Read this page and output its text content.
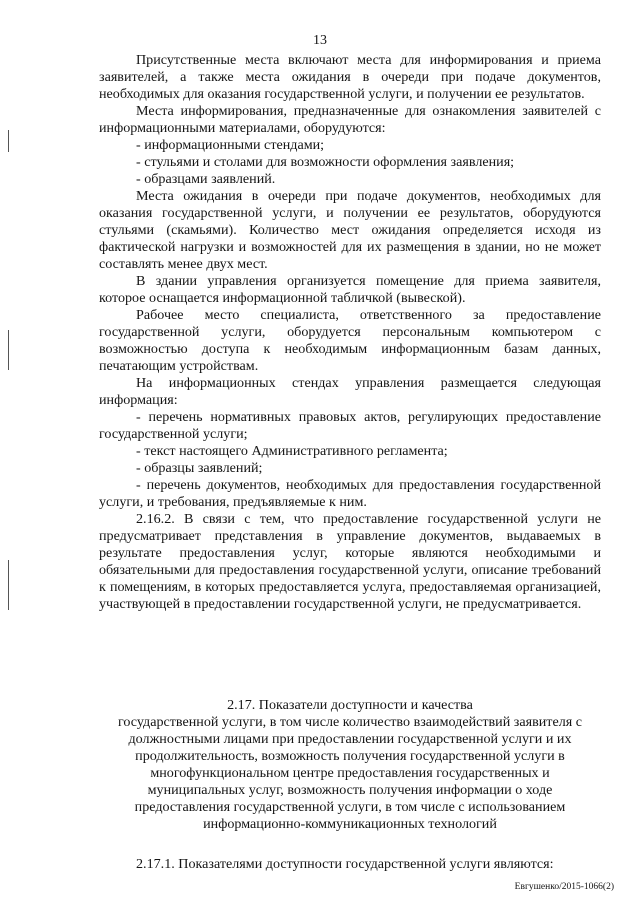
13

Присутственные места включают места для информирования и приема заявителей, а также места ожидания в очереди при подаче документов, необходимых для оказания государственной услуги, и получении ее результатов.

Места информирования, предназначенные для ознакомления заявителей с информационными материалами, оборудуются:

- информационными стендами;

- стульями и столами для возможности оформления заявления;

- образцами заявлений.

Места ожидания в очереди при подаче документов, необходимых для оказания государственной услуги, и получении ее результатов, оборудуются стульями (скамьями). Количество мест ожидания определяется исходя из фактической нагрузки и возможностей для их размещения в здании, но не может составлять менее двух мест.

В здании управления организуется помещение для приема заявителя, которое оснащается информационной табличкой (вывеской).

Рабочее место специалиста, ответственного за предоставление государственной услуги, оборудуется персональным компьютером с возможностью доступа к необходимым информационным базам данных, печатающим устройствам.

На информационных стендах управления размещается следующая информация:

- перечень нормативных правовых актов, регулирующих предоставление государственной услуги;

- текст настоящего Административного регламента;

- образцы заявлений;

- перечень документов, необходимых для предоставления государственной услуги, и требования, предъявляемые к ним.

2.16.2. В связи с тем, что предоставление государственной услуги не предусматривает представления в управление документов, выдаваемых в результате предоставления услуг, которые являются необходимыми и обязательными для предоставления государственной услуги, описание требований к помещениям, в которых предоставляется услуга, предоставляемая организацией, участвующей в предоставлении государственной услуги, не предусматривается.

2.17. Показатели доступности и качества

государственной услуги, в том числе количество взаимодействий заявителя с

должностными лицами при предоставлении государственной услуги и их

продолжительность, возможность получения государственной услуги в

многофункциональном центре предоставления государственных и

муниципальных услуг, возможность получения информации о ходе

предоставления государственной услуги, в том числе с использованием

информационно-коммуникационных технологий

2.17.1. Показателями доступности государственной услуги являются:

Евгушенко/2015-1066(2)
